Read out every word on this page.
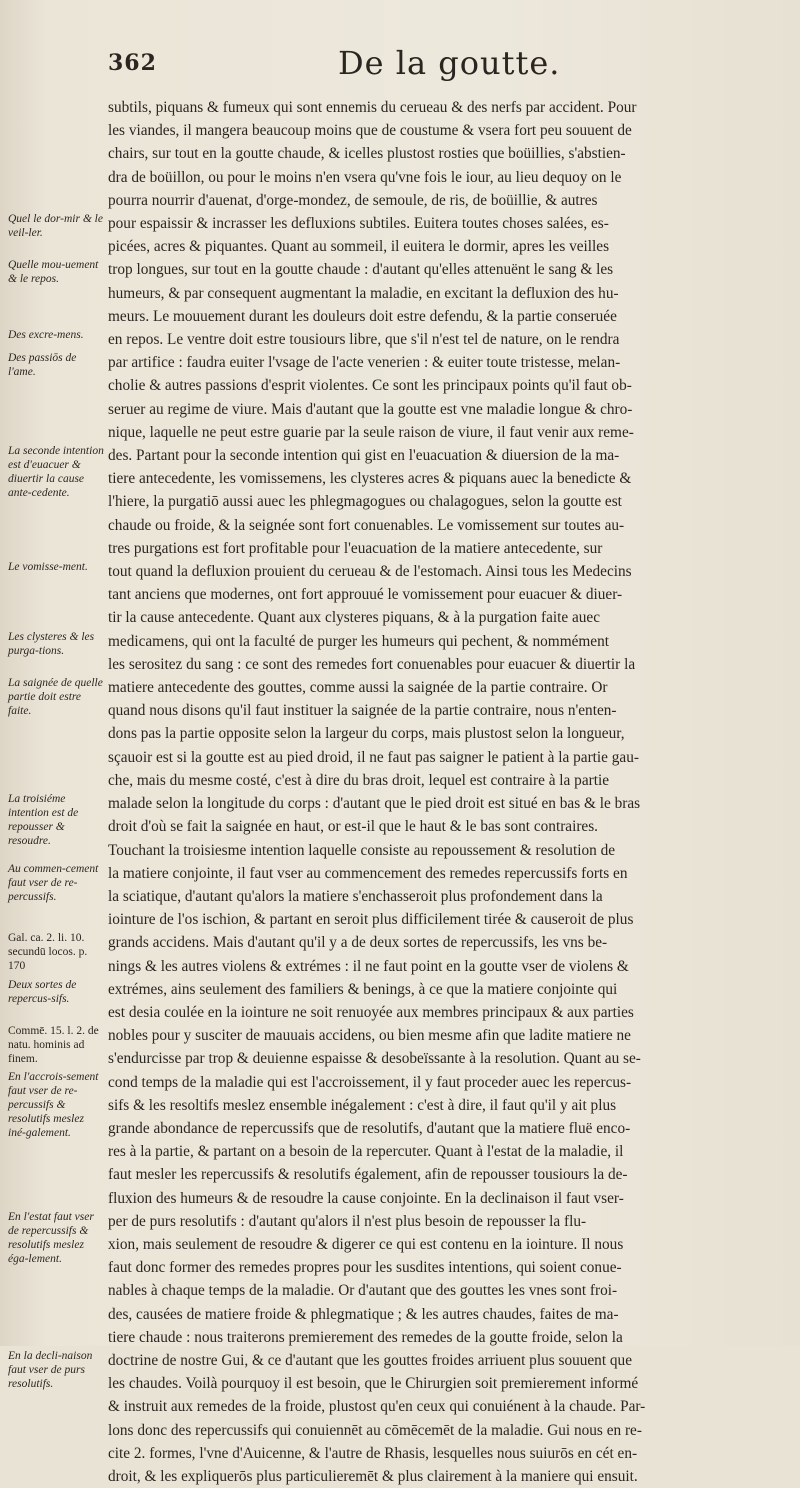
362	De la goutte.
Quel le dor-mir & le veil-ler.
Quelle mou-uement & le repos.
Des excre-mens.
Des passiōs de l'ame.
La seconde intention est d'euacuer & diuertir la cause ante-cedente.
Le vomisse-ment.
Les clysteres & les purga-tions.
La saignée de quelle partie doit estre faite.
La troisiéme intention est de repousser & resoudre.
Au commen-cement faut vser de re-percussifs.
Gal. ca. 2. li. 10. secundū locos. p. 170
Deux sortes de repercus-sifs.
Commē. 15. l. 2. de natu. hominis ad finem.
En l'accrois-sement faut vser de re-percussifs & resolutifs meslez iné-galement.
En l'estat faut vser de repercussifs & resolutifs meslez éga-lement.
En la decli-naison faut vser de purs resolutifs.
subtils, piquans & fumeux qui sont ennemis du cerueau & des nerfs par accident. Pour
les viandes, il mangera beaucoup moins que de coustume & vsera fort peu souuent de
chairs, sur tout en la goutte chaude, & icelles plustost rosties que boüillies, s'abstien-
dra de boüillon, ou pour le moins n'en vsera qu'vne fois le iour, au lieu dequoy on le
pourra nourrir d'auenat, d'orge-mondez, de semoule, de ris, de boüillie, & autres
pour espaissir & incrasser les defluxions subtiles. Euitera toutes choses salées, es-
picées, acres & piquantes. Quant au sommeil, il euitera le dormir, apres les veilles
trop longues, sur tout en la goutte chaude : d'autant qu'elles attenuënt le sang & les
humeurs, & par consequent augmentant la maladie, en excitant la defluxion des hu-
meurs. Le mouuement durant les douleurs doit estre defendu, & la partie conseruée
en repos. Le ventre doit estre tousiours libre, que s'il n'est tel de nature, on le rendra
par artifice : faudra euiter l'vsage de l'acte venerien : & euiter toute tristesse, melan-
cholie & autres passions d'esprit violentes. Ce sont les principaux points qu'il faut ob-
seruer au regime de viure. Mais d'autant que la goutte est vne maladie longue & chro-
nique, laquelle ne peut estre guarie par la seule raison de viure, il faut venir aux reme-
des. Partant pour la seconde intention qui gist en l'euacuation & diuersion de la ma-
tiere antecedente, les vomissemens, les clysteres acres & piquans auec la benedicte &
l'hiere, la purgatiō aussi auec les phlegmagogues ou chalagogues, selon la goutte est
chaude ou froide, & la seignée sont fort conuenables. Le vomissement sur toutes au-
tres purgations est fort profitable pour l'euacuation de la matiere antecedente, sur
tout quand la defluxion prouient du cerueau & de l'estomach. Ainsi tous les Medecins
tant anciens que modernes, ont fort approuué le vomissement pour euacuer & diuer-
tir la cause antecedente. Quant aux clysteres piquans, & à la purgation faite auec
medicamens, qui ont la faculté de purger les humeurs qui pechent, & nommément
les serositez du sang : ce sont des remedes fort conuenables pour euacuer & diuertir la
matiere antecedente des gouttes, comme aussi la saignée de la partie contraire. Or
quand nous disons qu'il faut instituer la saignée de la partie contraire, nous n'enten-
dons pas la partie opposite selon la largeur du corps, mais plustost selon la longueur,
sçauoir est si la goutte est au pied droid, il ne faut pas saigner le patient à la partie gau-
che, mais du mesme costé, c'est à dire du bras droit, lequel est contraire à la partie
malade selon la longitude du corps : d'autant que le pied droit est situé en bas & le bras
droit d'où se fait la saignée en haut, or est-il que le haut & le bas sont contraires.
Touchant la troisiesme intention laquelle consiste au repoussement & resolution de
la matiere conjointe, il faut vser au commencement des remedes repercussifs forts en
la sciatique, d'autant qu'alors la matiere s'enchasseroit plus profondement dans la
iointure de l'os ischion, & partant en seroit plus difficilement tirée & causeroit de plus
grands accidens. Mais d'autant qu'il y a de deux sortes de repercussifs, les vns be-
nings & les autres violens & extrémes : il ne faut point en la goutte vser de violens &
extrémes, ains seulement des familiers & benings, à ce que la matiere conjointe qui
est desia coulée en la iointure ne soit renuoyée aux membres principaux & aux parties
nobles pour y susciter de mauuais accidens, ou bien mesme afin que ladite matiere ne
s'endurcisse par trop & deuienne espaisse & desobeïssante à la resolution. Quant au se-
cond temps de la maladie qui est l'accroissement, il y faut proceder auec les repercus-
sifs & les resoltifs meslez ensemble inégalement : c'est à dire, il faut qu'il y ait plus
grande abondance de repercussifs que de resolutifs, d'autant que la matiere fluë enco-
res à la partie, & partant on a besoin de la repercuter. Quant à l'estat de la maladie, il
faut mesler les repercussifs & resolutifs également, afin de repousser tousiours la de-
fluxion des humeurs & de resoudre la cause conjointe. En la declinaison il faut vser-
per de purs resolutifs : d'autant qu'alors il n'est plus besoin de repousser la flu-
xion, mais seulement de resoudre & digerer ce qui est contenu en la iointure. Il nous
faut donc former des remedes propres pour les susdites intentions, qui soient conue-
nables à chaque temps de la maladie. Or d'autant que des gouttes les vnes sont froi-
des, causées de matiere froide & phlegmatique ; & les autres chaudes, faites de ma-
tiere chaude : nous traiterons premierement des remedes de la goutte froide, selon la
doctrine de nostre Gui, & ce d'autant que les gouttes froides arriuent plus souuent que
les chaudes. Voilà pourquoy il est besoin, que le Chirurgien soit premierement informé
& instruit aux remedes de la froide, plustost qu'en ceux qui conuiénent à la chaude. Par-
lons donc des repercussifs qui conuiennēt au cōmēcemēt de la maladie. Gui nous en re-
cite 2. formes, l'vne d'Auicenne, & l'autre de Rhasis, lesquelles nous suiurōs en cét en-
droit, & les expliquerōs plus particulieremēt & plus clairement à la maniere qui ensuit.
